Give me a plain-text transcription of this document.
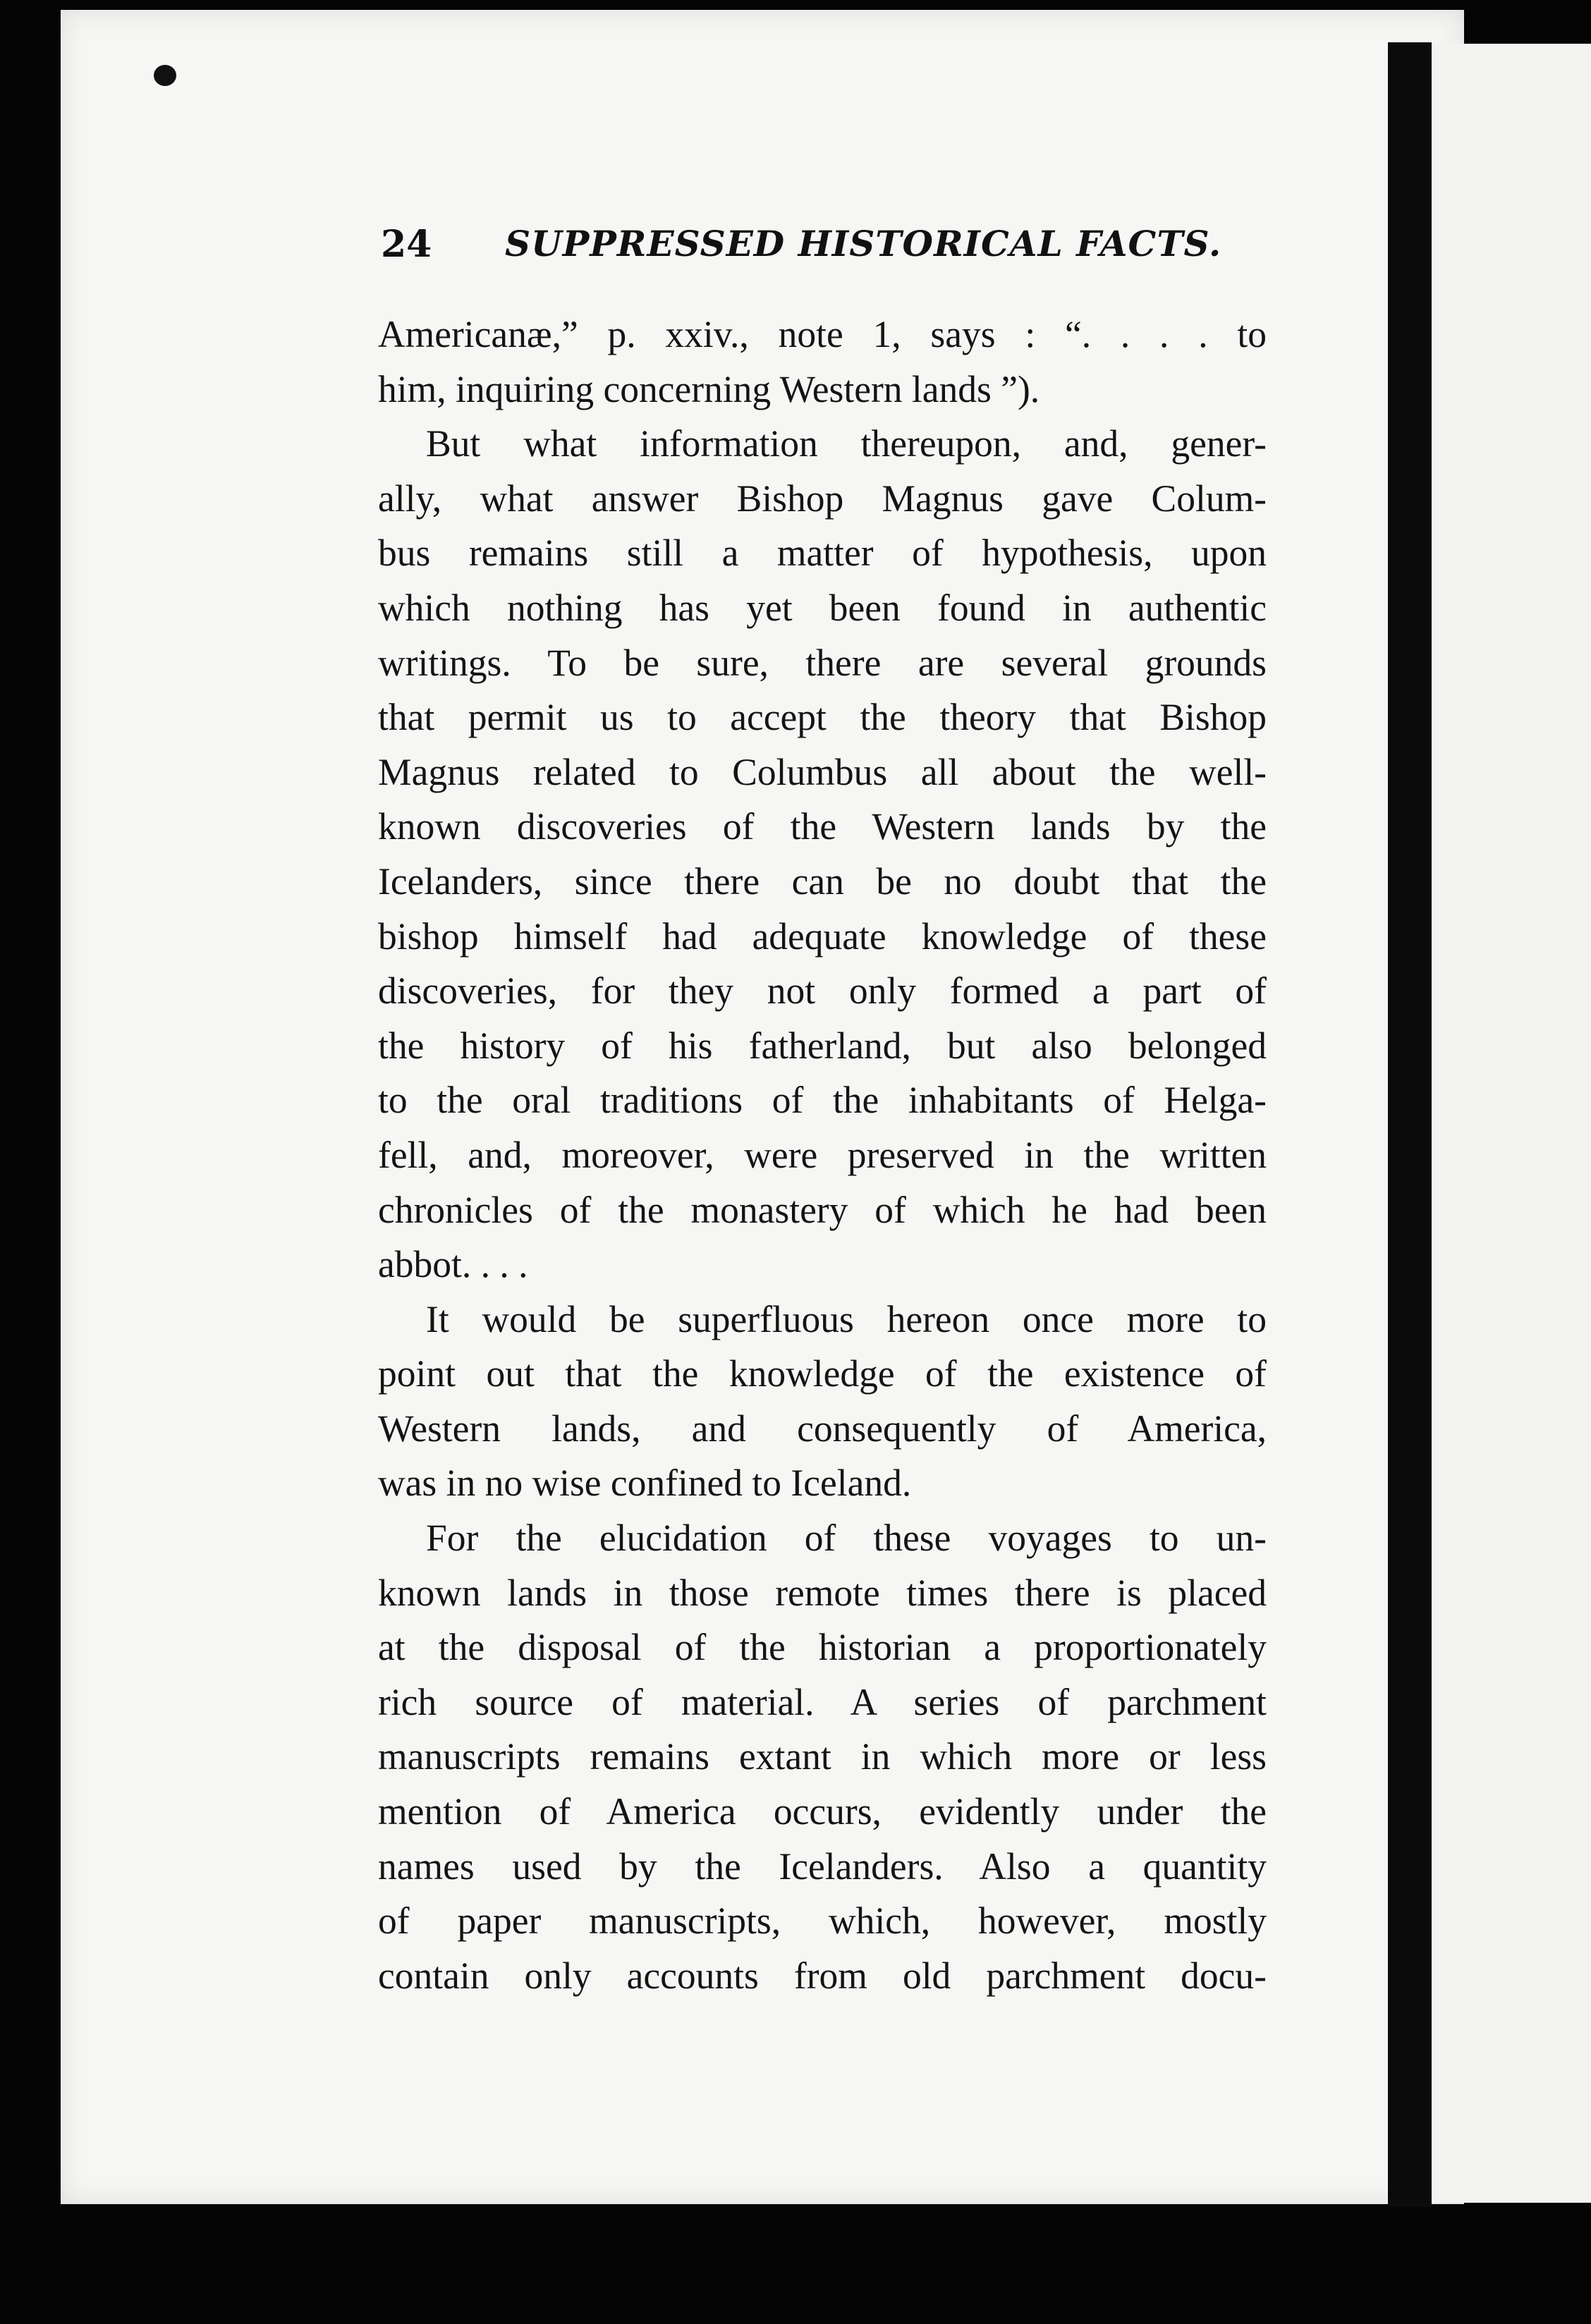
24 SUPPRESSED HISTORICAL FACTS.
Americanæ,” p. xxiv., note 1, says : “. . . . to
him, inquiring concerning Western lands ”).
But what information thereupon, and, gener-
ally, what answer Bishop Magnus gave Colum-
bus remains still a matter of hypothesis, upon
which nothing has yet been found in authentic
writings. To be sure, there are several grounds
that permit us to accept the theory that Bishop
Magnus related to Columbus all about the well-
known discoveries of the Western lands by the
Icelanders, since there can be no doubt that the
bishop himself had adequate knowledge of these
discoveries, for they not only formed a part of
the history of his fatherland, but also belonged
to the oral traditions of the inhabitants of Helga-
fell, and, moreover, were preserved in the written
chronicles of the monastery of which he had been
abbot. . . .
It would be superfluous hereon once more to
point out that the knowledge of the existence of
Western lands, and consequently of America,
was in no wise confined to Iceland.
For the elucidation of these voyages to un-
known lands in those remote times there is placed
at the disposal of the historian a proportionately
rich source of material. A series of parchment
manuscripts remains extant in which more or less
mention of America occurs, evidently under the
names used by the Icelanders. Also a quantity
of paper manuscripts, which, however, mostly
contain only accounts from old parchment docu-
